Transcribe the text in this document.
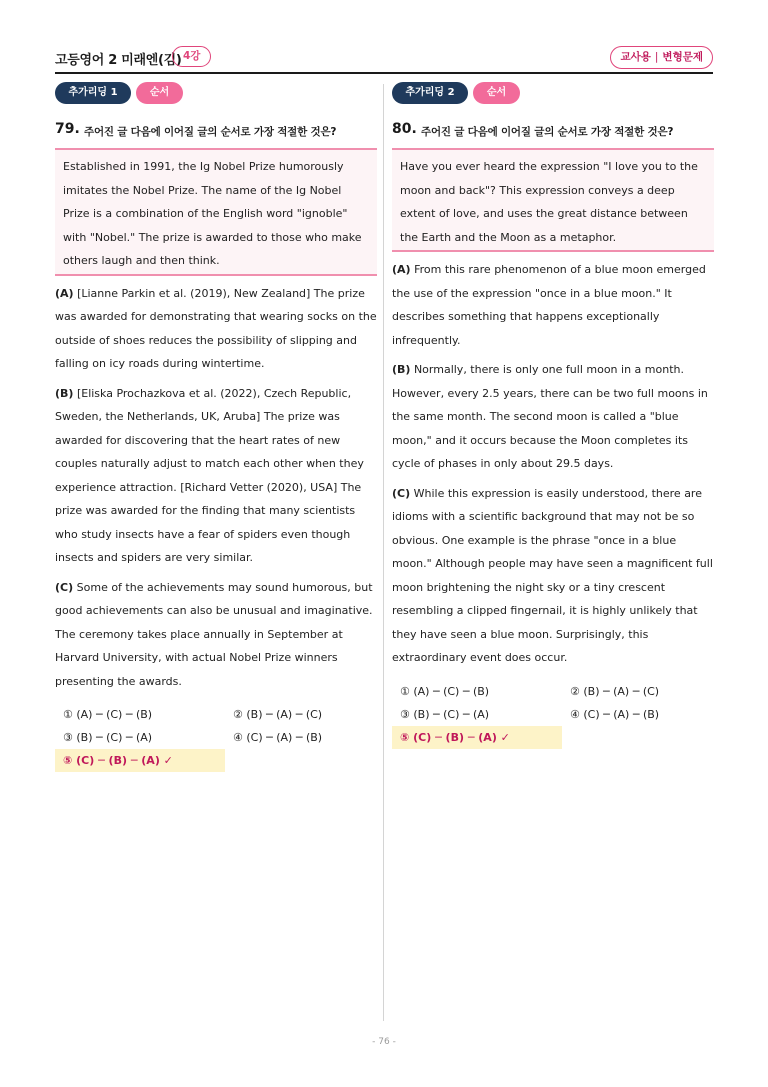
고등영어 2 미래엔(김) 4강	교사용 | 변형문제
추가리딩 1	순서
79. 주어진 글 다음에 이어질 글의 순서로 가장 적절한 것은?
Established in 1991, the Ig Nobel Prize humorously imitates the Nobel Prize. The name of the Ig Nobel Prize is a combination of the English word "ignoble" with "Nobel." The prize is awarded to those who make others laugh and then think.
(A) [Lianne Parkin et al. (2019), New Zealand] The prize was awarded for demonstrating that wearing socks on the outside of shoes reduces the possibility of slipping and falling on icy roads during wintertime.
(B) [Eliska Prochazkova et al. (2022), Czech Republic, Sweden, the Netherlands, UK, Aruba] The prize was awarded for discovering that the heart rates of new couples naturally adjust to match each other when they experience attraction. [Richard Vetter (2020), USA] The prize was awarded for the finding that many scientists who study insects have a fear of spiders even though insects and spiders are very similar.
(C) Some of the achievements may sound humorous, but good achievements can also be unusual and imaginative. The ceremony takes place annually in September at Harvard University, with actual Nobel Prize winners presenting the awards.
① (A) ─ (C) ─ (B)	② (B) ─ (A) ─ (C)
③ (B) ─ (C) ─ (A)	④ (C) ─ (A) ─ (B)
⑤ (C) ─ (B) ─ (A) ✓
추가리딩 2	순서
80. 주어진 글 다음에 이어질 글의 순서로 가장 적절한 것은?
Have you ever heard the expression "I love you to the moon and back"? This expression conveys a deep extent of love, and uses the great distance between the Earth and the Moon as a metaphor.
(A) From this rare phenomenon of a blue moon emerged the use of the expression "once in a blue moon." It describes something that happens exceptionally infrequently.
(B) Normally, there is only one full moon in a month. However, every 2.5 years, there can be two full moons in the same month. The second moon is called a "blue moon," and it occurs because the Moon completes its cycle of phases in only about 29.5 days.
(C) While this expression is easily understood, there are idioms with a scientific background that may not be so obvious. One example is the phrase "once in a blue moon." Although people may have seen a magnificent full moon brightening the night sky or a tiny crescent resembling a clipped fingernail, it is highly unlikely that they have seen a blue moon. Surprisingly, this extraordinary event does occur.
① (A) ─ (C) ─ (B)	② (B) ─ (A) ─ (C)
③ (B) ─ (C) ─ (A)	④ (C) ─ (A) ─ (B)
⑤ (C) ─ (B) ─ (A) ✓
- 76 -
